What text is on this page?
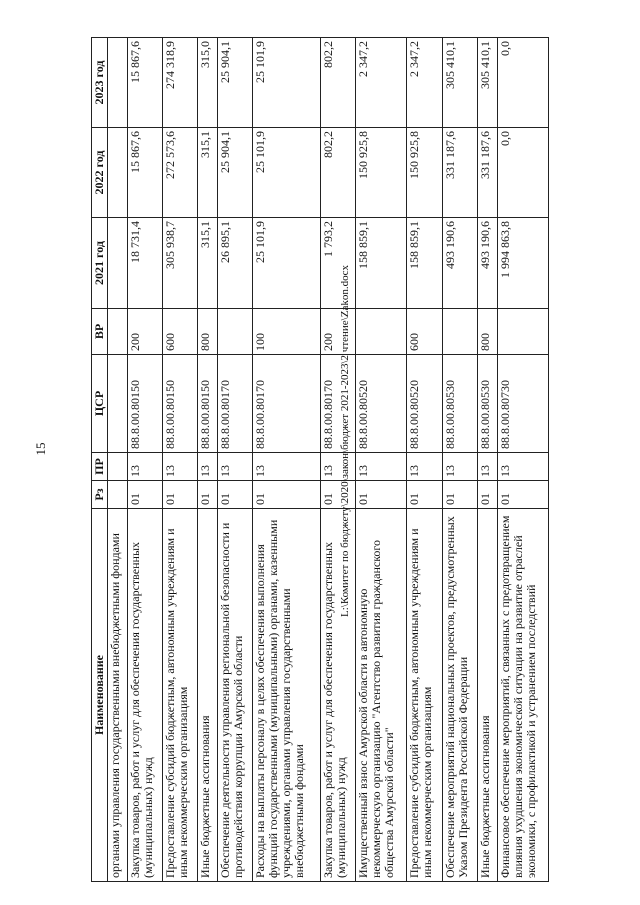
15
Наименование	Рз	ПР	ЦСР	ВР	2021 год	2022 год	2023 год
органами управления государственными внебюджетными фондами							
Закупка товаров, работ и услуг для обеспечения государственных (муниципальных) нужд	01	13	88.8.00.80150	200	18 731,4	15 867,6	15 867,6
Предоставление субсидий бюджетным, автономным учреждениям и иным некоммерческим организациям	01	13	88.8.00.80150	600	305 938,7	272 573,6	274 318,9
Иные бюджетные ассигнования	01	13	88.8.00.80150	800	315,1	315,1	315,0
Обеспечение деятельности управления региональной безопасности и противодействия коррупции Амурской области	01	13	88.8.00.80170		26 895,1	25 904,1	25 904,1
Расходы на выплаты персоналу в целях обеспечения выполнения функций государственными (муниципальными) органами, казенными учреждениями, органами управления государственными внебюджетными фондами	01	13	88.8.00.80170	100	25 101,9	25 101,9	25 101,9
Закупка товаров, работ и услуг для обеспечения государственных (муниципальных) нужд	01	13	88.8.00.80170	200	1 793,2	802,2	802,2
Имущественный взнос Амурской области в автономную некоммерческую организацию "Агентство развития гражданского общества Амурской области"	01	13	88.8.00.80520		158 859,1	150 925,8	2 347,2
Предоставление субсидий бюджетным, автономным учреждениям и иным некоммерческим организациям	01	13	88.8.00.80520	600	158 859,1	150 925,8	2 347,2
Обеспечение мероприятий национальных проектов, предусмотренных Указом Президента Российской Федерации	01	13	88.8.00.80530		493 190,6	331 187,6	305 410,1
Иные бюджетные ассигнования	01	13	88.8.00.80530	800	493 190,6	331 187,6	305 410,1
Финансовое обеспечение мероприятий, связанных с предотвращением влияния ухудшения экономической ситуации на развитие отраслей экономики, с профилактикой и устранением последствий	01	13	88.8.00.80730		1 994 863,8	0,0	0,0
L:\Комитет по бюджету\2020\закон\бюджет 2021-2023\2 чтение\Zakon.docx
